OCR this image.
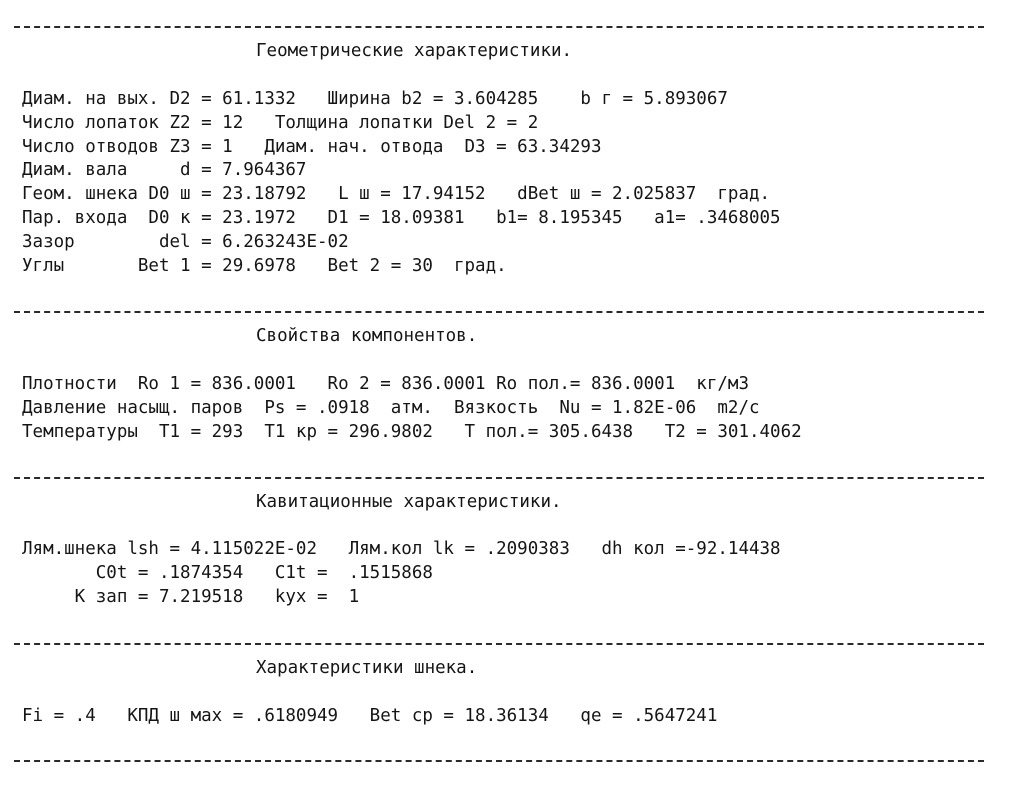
Геометрические характеристики.
Диам. на вых. D2 = 61.1332   Ширина b2 = 3.604285    b г = 5.893067
Число лопаток Z2 = 12   Толщина лопатки Del 2 = 2
Число отводов Z3 = 1   Диам. нач. отвода  D3 = 63.34293
Диам. вала     d = 7.964367
Геом. шнека D0 ш = 23.18792   L ш = 17.94152   dBet ш = 2.025837  град.
Пар. входа  D0 к = 23.1972   D1 = 18.09381   b1= 8.195345   a1= .3468005
Зазор        del = 6.263243E-02
Углы       Bet 1 = 29.6978   Bet 2 = 30  град.
Свойства компонентов.
Плотности  Ro 1 = 836.0001   Ro 2 = 836.0001 Ro пол.= 836.0001  кг/м3
Давление насыщ. паров  Ps = .0918  атм.  Вязкость  Nu = 1.82E-06  m2/c
Температуры  T1 = 293  T1 кр = 296.9802   T пол.= 305.6438   T2 = 301.4062
Кавитационные характеристики.
Лям.шнека lsh = 4.115022E-02   Лям.кол lk = .2090383   dh кол =-92.14438
C0t = .1874354   C1t =  .1515868
K зап = 7.219518   kyx =  1
Характеристики шнека.
Fi = .4   КПД ш мах = .6180949   Bet cp = 18.36134   qe = .5647241
